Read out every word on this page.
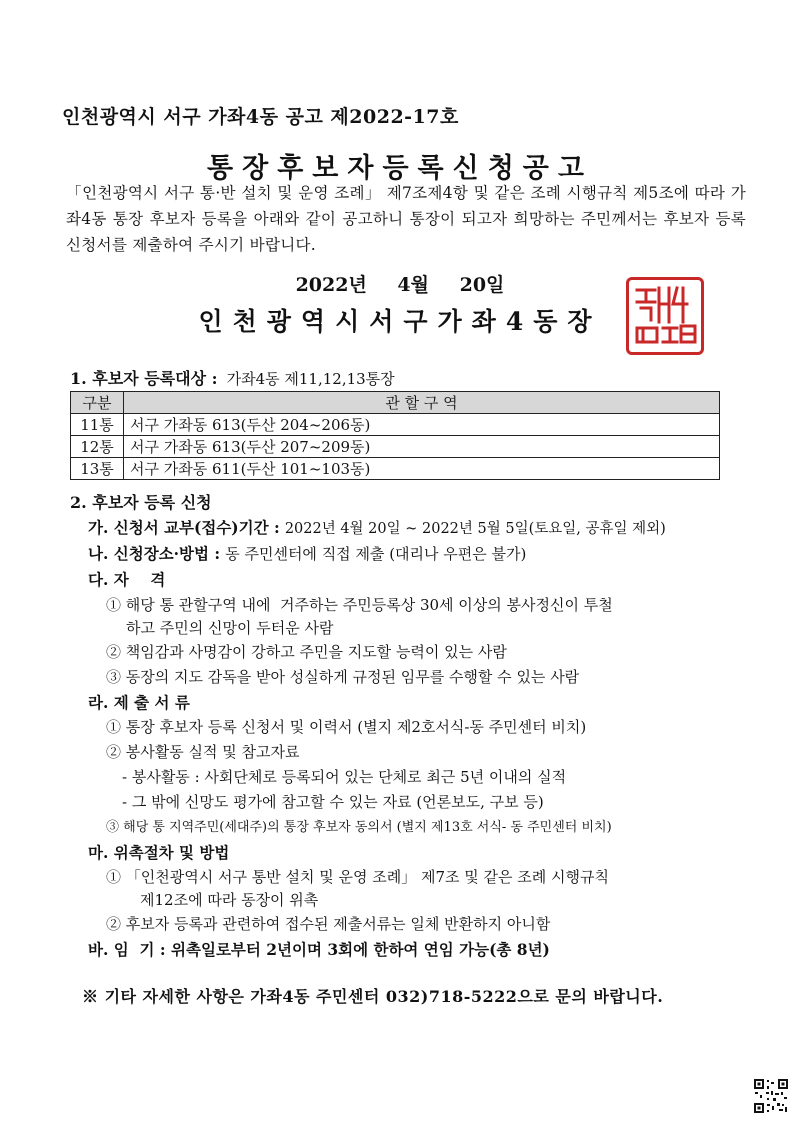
인천광역시 서구 가좌4동 공고 제2022-17호
통장후보자등록신청공고
「인천광역시 서구 통·반 설치 및 운영 조례」 제7조제4항 및 같은 조례 시행규칙 제5조에 따라 가좌4동 통장 후보자 등록을 아래와 같이 공고하니 통장이 되고자 희망하는 주민께서는 후보자 등록신청서를 제출하여 주시기 바랍니다.
2022년 4월 20일
인천광역시서구가좌4동장
1. 후보자 등록대상 : 가좌4동 제11,12,13통장
구분	관 할 구 역
11통	서구 가좌동 613(두산 204~206동)
12통	서구 가좌동 613(두산 207~209동)
13통	서구 가좌동 611(두산 101~103동)
2. 후보자 등록 신청
가. 신청서 교부(접수)기간 : 2022년 4월 20일 ~ 2022년 5월 5일(토요일, 공휴일 제외)
나. 신청장소·방법 : 동 주민센터에 직접 제출 (대리나 우편은 불가)
다. 자    격
① 해당 통 관할구역 내에  거주하는 주민등록상 30세 이상의 봉사정신이 투철
하고 주민의 신망이 두터운 사람
② 책임감과 사명감이 강하고 주민을 지도할 능력이 있는 사람
③ 동장의 지도 감독을 받아 성실하게 규정된 임무를 수행할 수 있는 사람
라. 제 출 서 류
① 통장 후보자 등록 신청서 및 이력서 (별지 제2호서식-동 주민센터 비치)
② 봉사활동 실적 및 참고자료
- 봉사활동 : 사회단체로 등록되어 있는 단체로 최근 5년 이내의 실적
- 그 밖에 신망도 평가에 참고할 수 있는 자료 (언론보도, 구보 등)
③ 해당 통 지역주민(세대주)의 통장 후보자 동의서 (별지 제13호 서식- 동 주민센터 비치)
마. 위촉절차 및 방법
① 「인천광역시 서구 통반 설치 및 운영 조례」 제7조 및 같은 조례 시행규칙
제12조에 따라 동장이 위촉
② 후보자 등록과 관련하여 접수된 제출서류는 일체 반환하지 아니함
바. 임  기 : 위촉일로부터 2년이며 3회에 한하여 연임 가능(총 8년)
※ 기타 자세한 사항은 가좌4동 주민센터 032)718-5222으로 문의 바랍니다.
